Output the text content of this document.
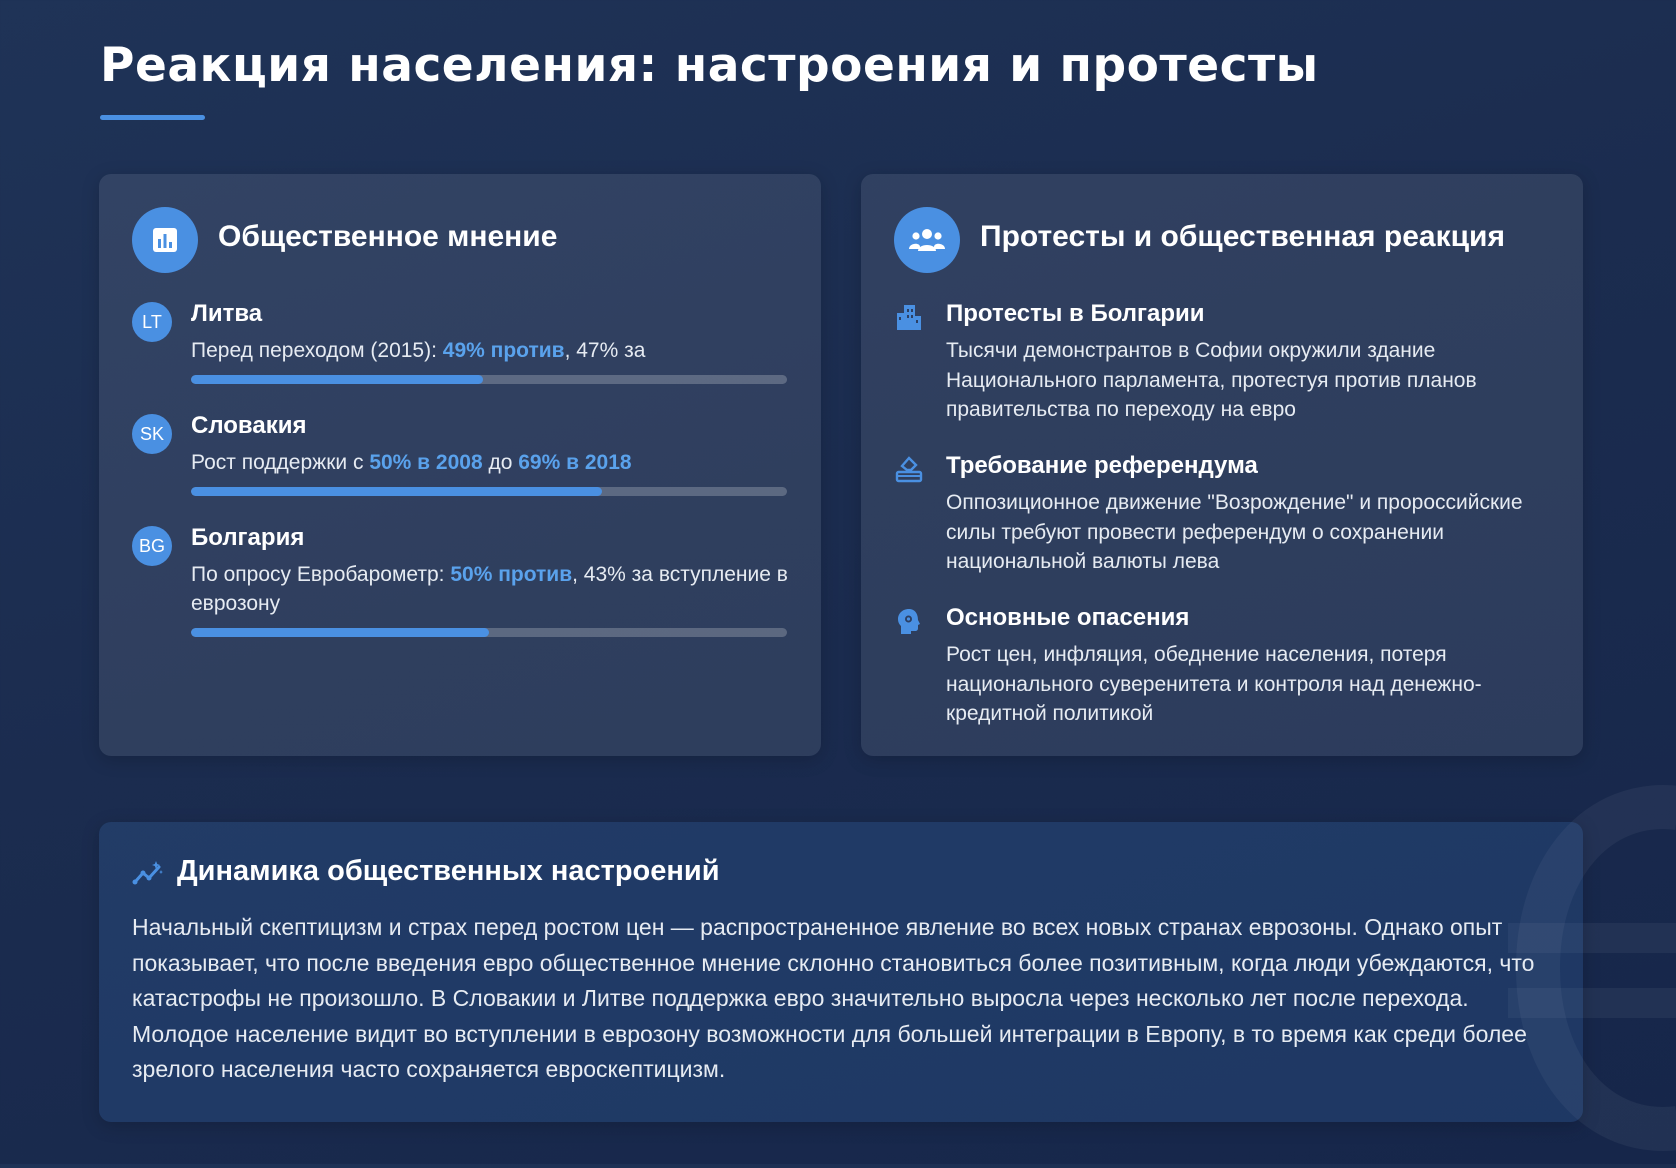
Реакция населения: настроения и протесты
Общественное мнение
LT	Литва
Перед переходом (2015): 49% против, 47% за
SK	Словакия
Рост поддержки с 50% в 2008 до 69% в 2018
BG Болгария
По опросу Евробарометр: 50% против, 43% за вступление в еврозону
Протесты и общественная реакция
Протесты в Болгарии
Тысячи демонстрантов в Софии окружили здание Национального парламента, протестуя против планов правительства по переходу на евро
Требование референдума
Оппозиционное движение "Возрождение" и пророссийские силы требуют провести референдум о сохранении национальной валюты лева
Основные опасения
Рост цен, инфляция, обеднение населения, потеря национального суверенитета и контроля над денежно-кредитной политикой
Динамика общественных настроений

Начальный скептицизм и страх перед ростом цен — распространенное явление во всех новых странах еврозоны. Однако опыт показывает, что после введения евро общественное мнение склонно становиться более позитивным, когда люди убеждаются, что катастрофы не произошло. В Словакии и Литве поддержка евро значительно выросла через несколько лет после перехода. Молодое население видит во вступлении в еврозону возможности для большей интеграции в Европу, в то время как среди более зрелого населения часто сохраняется евроскептицизм.
